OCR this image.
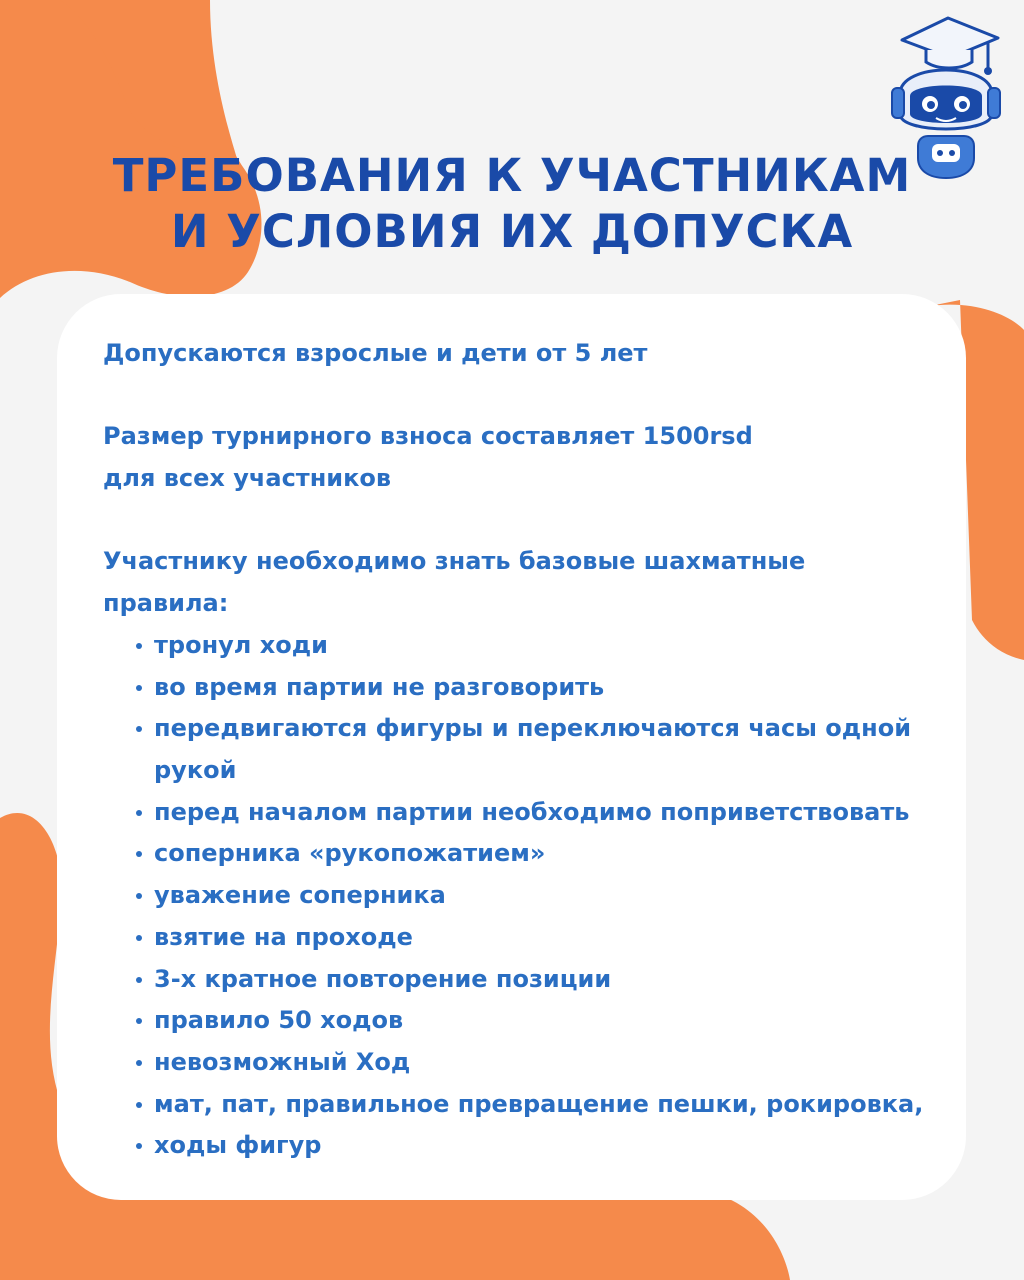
ТРЕБОВАНИЯ К УЧАСТНИКАМ
И УСЛОВИЯ ИХ ДОПУСКА

Допускаются взрослые и дети от 5 лет

Размер турнирного взноса составляет 1500rsd

для всех участников

Участнику необходимо знать базовые шахматные

правила:

тронул ходи
во время партии не разговорить
передвигаются фигуры и переключаются часы одной рукой
перед началом партии необходимо поприветствовать
соперника «рукопожатием»
уважение соперника
взятие на проходе
3-х кратное повторение позиции
правило 50 ходов
невозможный Ход
мат, пат, правильное превращение пешки, рокировка,
ходы фигур
